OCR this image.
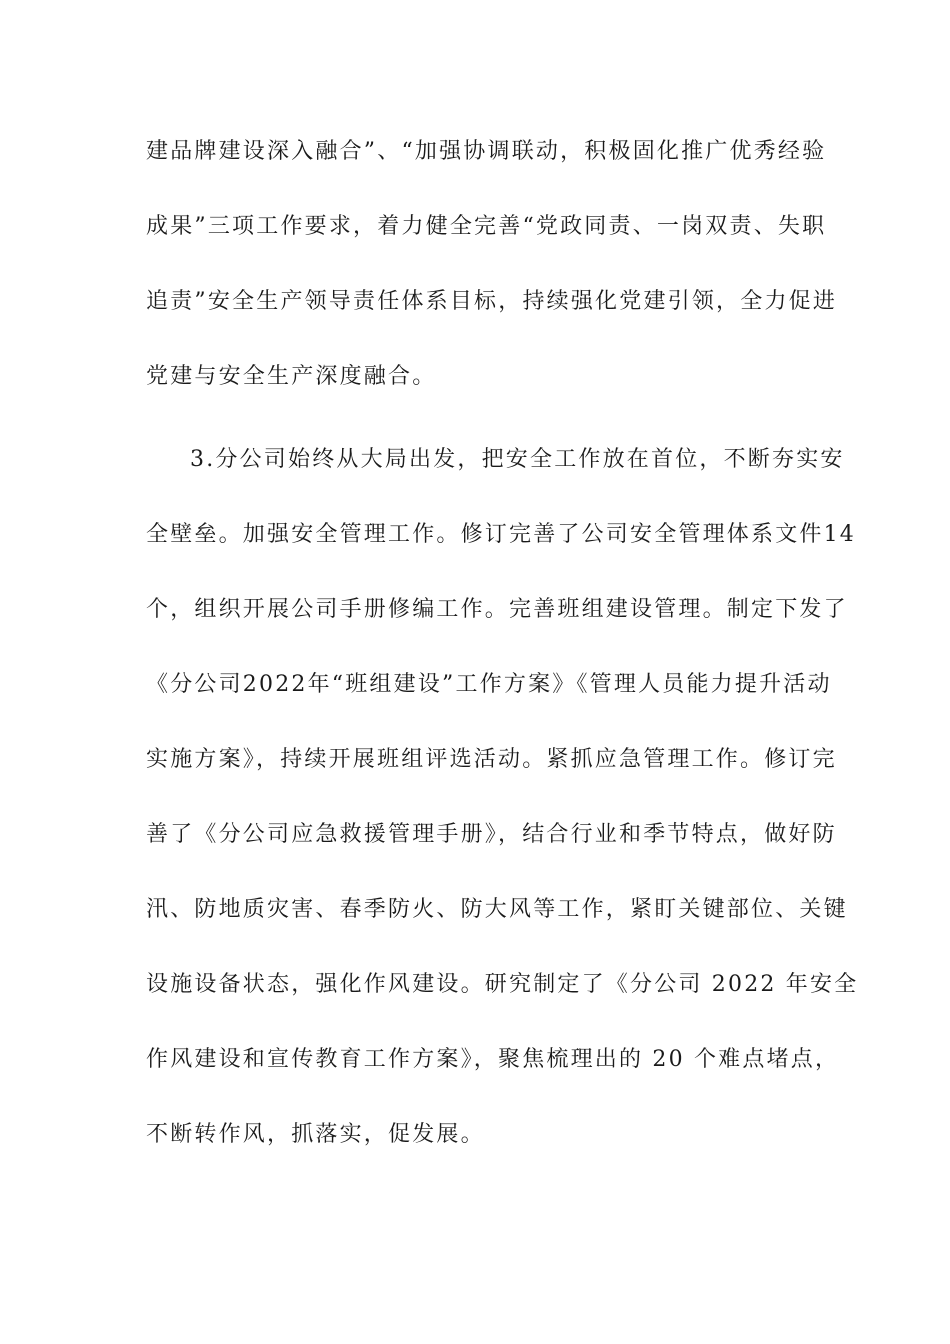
建品牌建设深入融合”、“加强协调联动，积极固化推广优秀经验
成果”三项工作要求，着力健全完善“党政同责、一岗双责、失职
追责”安全生产领导责任体系目标，持续强化党建引领，全力促进
党建与安全生产深度融合。
3.分公司始终从大局出发，把安全工作放在首位，不断夯实安
全壁垒。加强安全管理工作。修订完善了公司安全管理体系文件14
个，组织开展公司手册修编工作。完善班组建设管理。制定下发了
《分公司2022年“班组建设”工作方案》《管理人员能力提升活动
实施方案》，持续开展班组评选活动。紧抓应急管理工作。修订完
善了《分公司应急救援管理手册》，结合行业和季节特点，做好防
汛、防地质灾害、春季防火、防大风等工作，紧盯关键部位、关键
设施设备状态，强化作风建设。研究制定了《分公司 2022 年安全
作风建设和宣传教育工作方案》，聚焦梳理出的 20 个难点堵点，
不断转作风，抓落实，促发展。
